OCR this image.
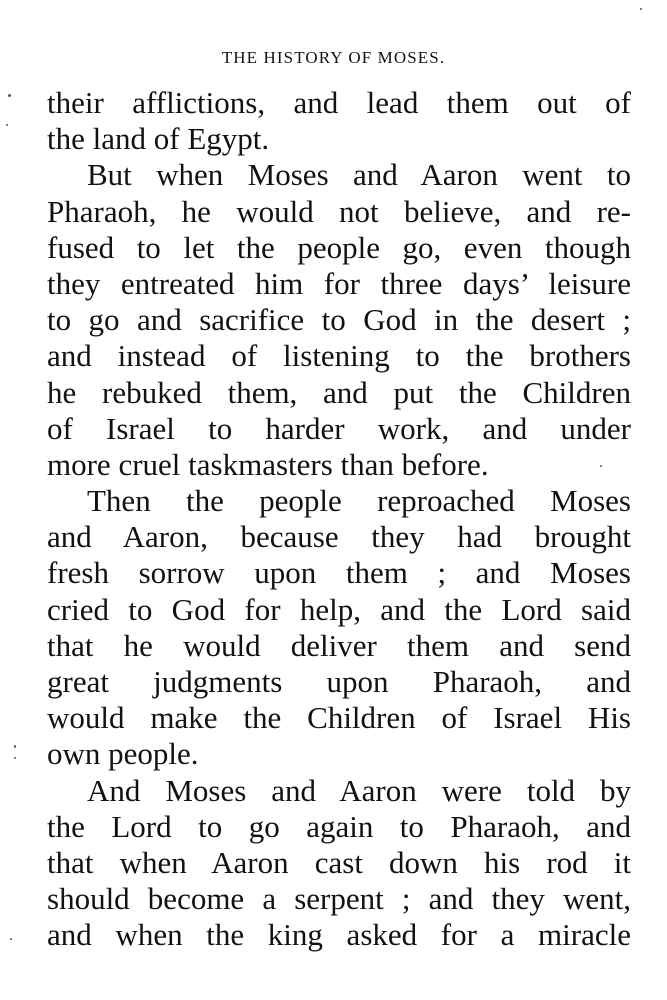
THE HISTORY OF MOSES.
their afflictions, and lead them out of
the land of Egypt.
But when Moses and Aaron went to
Pharaoh, he would not believe, and re-
fused to let the people go, even though
they entreated him for three days’ leisure
to go and sacrifice to God in the desert ;
and instead of listening to the brothers
he rebuked them, and put the Children
of Israel to harder work, and under
more cruel taskmasters than before.
Then the people reproached Moses
and Aaron, because they had brought
fresh sorrow upon them ; and Moses
cried to God for help, and the Lord said
that he would deliver them and send
great judgments upon Pharaoh, and
would make the Children of Israel His
own people.
And Moses and Aaron were told by
the Lord to go again to Pharaoh, and
that when Aaron cast down his rod it
should become a serpent ; and they went,
and when the king asked for a miracle
